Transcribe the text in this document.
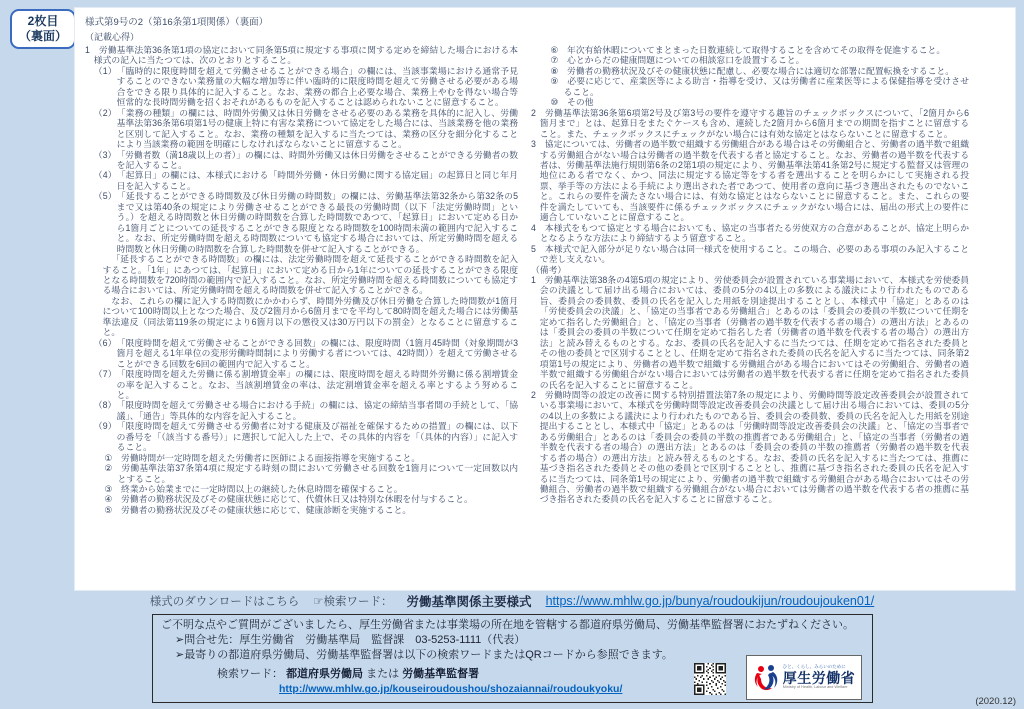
2枚目
（裏面）
様式第9号の2（第16条第1項関係）（裏面）
（記載心得）

1　労働基準法第36条第1項の協定において同条第5項に規定する事項に関する定めを締結した場合における本様式の記入に当たつては、次のとおりとすること。

（1）　「臨時的に限度時間を超えて労働させることができる場合」の欄には、当該事業場における通常予見することのできない業務量の大幅な増加等に伴い臨時的に限度時間を超えて労働させる必要がある場合をできる限り具体的に記入すること。なお、業務の都合上必要な場合、業務上やむを得ない場合等恒常的な長時間労働を招くおそれがあるものを記入することは認められないことに留意すること。

（2）　「業務の種類」の欄には、時間外労働又は休日労働をさせる必要のある業務を具体的に記入し、労働基準法第36条第6項第1号の健康上特に有害な業務について協定をした場合には、当該業務を他の業務と区別して記入すること。なお、業務の種類を記入するに当たつては、業務の区分を細分化することにより当該業務の範囲を明確にしなければならないことに留意すること。

（3）　「労働者数（満18歳以上の者）」の欄には、時間外労働又は休日労働をさせることができる労働者の数を記入すること。

（4）　「起算日」の欄には、本様式における「時間外労働・休日労働に関する協定届」の起算日と同じ年月日を記入すること。

（5）　「延長することができる時間数及び休日労働の時間数」の欄には、労働基準法第32条から第32条の5まで又は第40条の規定により労働させることができる最長の労働時間（以下「法定労働時間」という。）を超える時間数と休日労働の時間数を合算した時間数であつて、「起算日」において定める日から1箇月ごとについての延長することができる限度となる時間数を100時間未満の範囲内で記入すること。なお、所定労働時間を超える時間数についても協定する場合においては、所定労働時間を超える時間数と休日労働の時間数を合算した時間数を併せて記入することができる。

「延長することができる時間数」の欄には、法定労働時間を超えて延長することができる時間数を記入すること。「1年」にあつては、「起算日」において定める日から1年についての延長することができる限度となる時間数を720時間の範囲内で記入すること。なお、所定労働時間を超える時間数についても協定する場合においては、所定労働時間を超える時間数を併せて記入することができる。

なお、これらの欄に記入する時間数にかかわらず、時間外労働及び休日労働を合算した時間数が1箇月について100時間以上となつた場合、及び2箇月から6箇月までを平均して80時間を超えた場合には労働基準法違反（同法第119条の規定により6箇月以下の懲役又は30万円以下の罰金）となることに留意すること。

（6）　「限度時間を超えて労働させることができる回数」の欄には、限度時間（1箇月45時間（対象期間が3箇月を超える1年単位の変形労働時間制により労働する者については、42時間））を超えて労働させることができる回数を6回の範囲内で記入すること。

（7）　「限度時間を超えた労働に係る割増賃金率」の欄には、限度時間を超える時間外労働に係る割増賃金の率を記入すること。なお、当該割増賃金の率は、法定割増賃金率を超える率とするよう努めること。

（8）　「限度時間を超えて労働させる場合における手続」の欄には、協定の締結当事者間の手続として、「協議」、「通告」等具体的な内容を記入すること。

（9）　「限度時間を超えて労働させる労働者に対する健康及び福祉を確保するための措置」の欄には、以下の番号を「（該当する番号）」に選択して記入した上で、その具体的内容を「（具体的内容）」に記入すること。

①　労働時間が一定時間を超えた労働者に医師による面接指導を実施すること。

②　労働基準法第37条第4項に規定する時刻の間において労働させる回数を1箇月について一定回数以内とすること。

③　終業から始業までに一定時間以上の継続した休息時間を確保すること。

④　労働者の勤務状況及びその健康状態に応じて、代償休日又は特別な休暇を付与すること。

⑤　労働者の勤務状況及びその健康状態に応じて、健康診断を実施すること。

⑥　年次有給休暇についてまとまった日数連続して取得することを含めてその取得を促進すること。

⑦　心とからだの健康問題についての相談窓口を設置すること。

⑧　労働者の勤務状況及びその健康状態に配慮し、必要な場合には適切な部署に配置転換をすること。

⑨　必要に応じて、産業医等による助言・指導を受け、又は労働者に産業医等による保健指導を受けさせること。

⑩　その他

2　労働基準法第36条第6項第2号及び第3号の要件を遵守する趣旨のチェックボックスについて、「2箇月から6箇月まで」とは、起算日をまたぐケースも含め、連続した2箇月から6箇月までの期間を指すことに留意すること。また、チェックボックスにチェックがない場合には有効な協定とはならないことに留意すること。

3　協定については、労働者の過半数で組織する労働組合がある場合はその労働組合と、労働者の過半数で組織する労働組合がない場合は労働者の過半数を代表する者と協定すること。なお、労働者の過半数を代表する者は、労働基準法施行規則第6条の2第1項の規定により、労働基準法第41条第2号に規定する監督又は管理の地位にある者でなく、かつ、同法に規定する協定等をする者を選出することを明らかにして実施される投票、挙手等の方法による手続により選出された者であつて、使用者の意向に基づき選出されたものでないこと。これらの要件を満たさない場合には、有効な協定とはならないことに留意すること。また、これらの要件を満たしていても、当該要件に係るチェックボックスにチェックがない場合には、届出の形式上の要件に適合していないことに留意すること。

4　本様式をもつて協定とする場合においても、協定の当事者たる労使双方の合意があることが、協定上明らかとなるような方法により締結するよう留意すること。

5　本様式で記入部分が足りない場合は同一様式を使用すること。この場合、必要のある事項のみ記入することで差し支えない。

（備考）

1　労働基準法第38条の4第5項の規定により、労使委員会が設置されている事業場において、本様式を労使委員会の決議として届け出る場合においては、委員の5分の4以上の多数による議決により行われたものである旨、委員会の委員数、委員の氏名を記入した用紙を別途提出することとし、本様式中「協定」とあるのは「労使委員会の決議」と、「協定の当事者である労働組合」とあるのは「委員会の委員の半数について任期を定めて指名した労働組合」と、「協定の当事者（労働者の過半数を代表する者の場合）の選出方法」とあるのは「委員会の委員の半数について任期を定めて指名した者（労働者の過半数を代表する者の場合）の選出方法」と読み替えるものとする。なお、委員の氏名を記入するに当たつては、任期を定めて指名された委員とその他の委員とで区別することとし、任期を定めて指名された委員の氏名を記入するに当たつては、同条第2項第1号の規定により、労働者の過半数で組織する労働組合がある場合においてはその労働組合、労働者の過半数で組織する労働組合がない場合においては労働者の過半数を代表する者に任期を定めて指名された委員の氏名を記入することに留意すること。

2　労働時間等の設定の改善に関する特別措置法第7条の規定により、労働時間等設定改善委員会が設置されている事業場において、本様式を労働時間等設定改善委員会の決議として届け出る場合においては、委員の5分の4以上の多数による議決により行われたものである旨、委員会の委員数、委員の氏名を記入した用紙を別途提出することとし、本様式中「協定」とあるのは「労働時間等設定改善委員会の決議」と、「協定の当事者である労働組合」とあるのは「委員会の委員の半数の推薦者である労働組合」と、「協定の当事者（労働者の過半数を代表する者の場合）の選出方法」とあるのは「委員会の委員の半数の推薦者（労働者の過半数を代表する者の場合）の選出方法」と読み替えるものとする。なお、委員の氏名を記入するに当たつては、推薦に基づき指名された委員とその他の委員とで区別することとし、推薦に基づき指名された委員の氏名を記入するに当たつては、同条第1号の規定により、労働者の過半数で組織する労働組合がある場合においてはその労働組合、労働者の過半数で組織する労働組合がない場合においては労働者の過半数を代表する者の推薦に基づき指名された委員の氏名を記入することに留意すること。

様式のダウンロードはこちら ☞検索ワード： 労働基準関係主要様式 https://www.mhlw.go.jp/bunya/roudoukijun/roudoujouken01/
ご不明な点やご質問がございましたら、厚生労働省または事業場の所在地を管轄する都道府県労働局、労働基準監督署におたずねください。
➢問合せ先：厚生労働省　労働基準局　監督課　03-5253-1111（代表）
➢最寄りの都道府県労働局、労働基準監督署は以下の検索ワードまたはQRコードから参照できます。
検索ワード： 都道府県労働局 または 労働基準監督署
http://www.mhlw.go.jp/kouseiroudoushou/shozaiannai/roudoukyoku/
ひと、くらし、みらいのために
厚生労働省
Ministry of Health, Labour and Welfare
(2020.12)
